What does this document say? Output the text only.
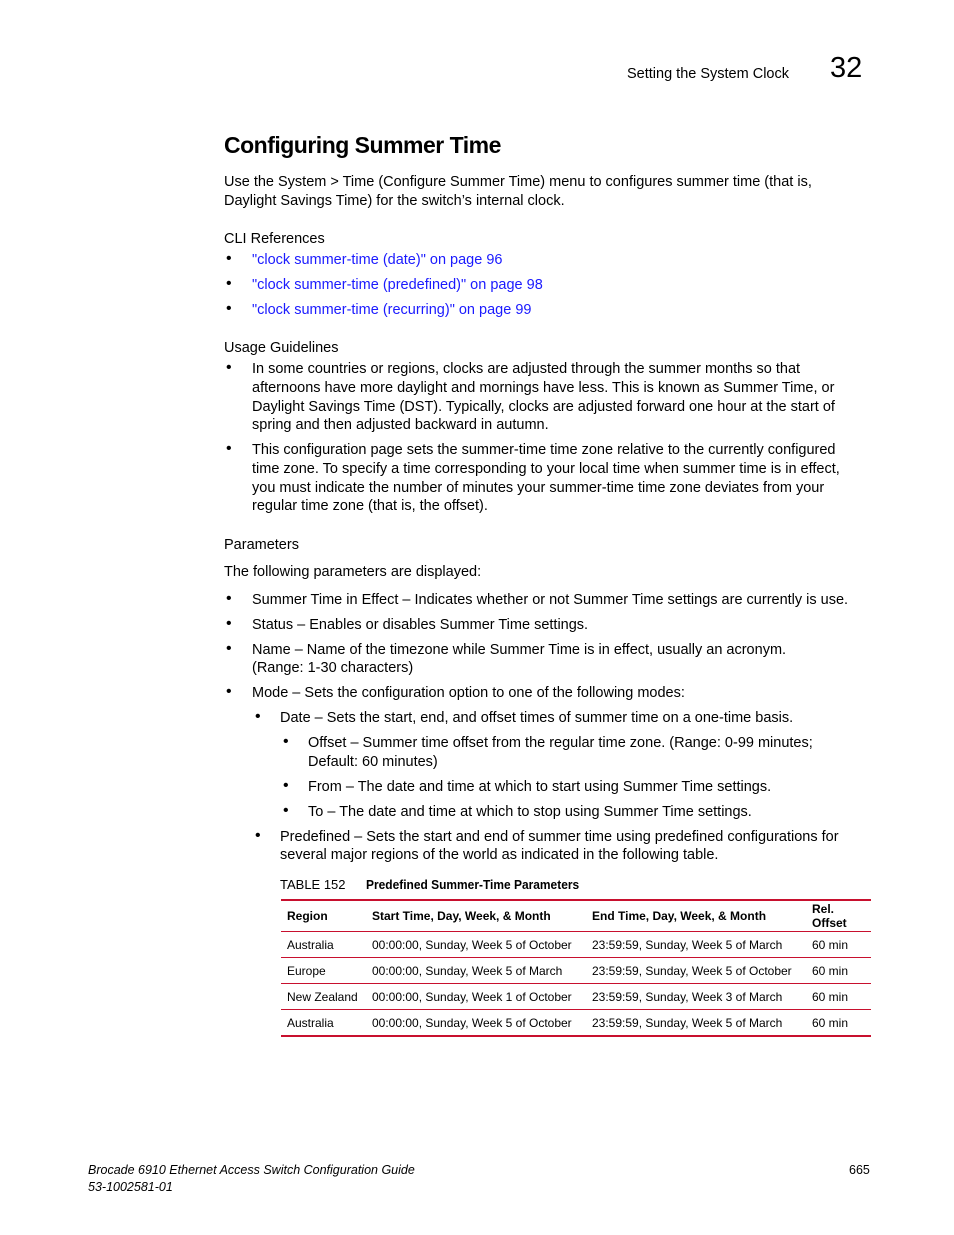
Setting the System Clock 32
Configuring Summer Time
Use the System > Time (Configure Summer Time) menu to configures summer time (that is,
Daylight Savings Time) for the switch’s internal clock.
CLI References
• "clock summer-time (date)" on page 96
• "clock summer-time (predefined)" on page 98
• "clock summer-time (recurring)" on page 99
Usage Guidelines
• In some countries or regions, clocks are adjusted through the summer months so that
afternoons have more daylight and mornings have less. This is known as Summer Time, or
Daylight Savings Time (DST). Typically, clocks are adjusted forward one hour at the start of
spring and then adjusted backward in autumn.
• This configuration page sets the summer-time time zone relative to the currently configured
time zone. To specify a time corresponding to your local time when summer time is in effect,
you must indicate the number of minutes your summer-time time zone deviates from your
regular time zone (that is, the offset).
Parameters
The following parameters are displayed:
• Summer Time in Effect – Indicates whether or not Summer Time settings are currently is use.
• Status – Enables or disables Summer Time settings.
• Name – Name of the timezone while Summer Time is in effect, usually an acronym.
(Range: 1-30 characters)
• Mode – Sets the configuration option to one of the following modes:
• Date – Sets the start, end, and offset times of summer time on a one-time basis.
• Offset – Summer time offset from the regular time zone. (Range: 0-99 minutes;
Default: 60 minutes)
• From – The date and time at which to start using Summer Time settings.
• To – The date and time at which to stop using Summer Time settings.
• Predefined – Sets the start and end of summer time using predefined configurations for
several major regions of the world as indicated in the following table.
TABLE 152 Predefined Summer-Time Parameters
Region	Start Time, Day, Week, & Month	End Time, Day, Week, & Month	Rel. Offset
Australia	00:00:00, Sunday, Week 5 of October	23:59:59, Sunday, Week 5 of March	60 min
Europe	00:00:00, Sunday, Week 5 of March	23:59:59, Sunday, Week 5 of October	60 min
New Zealand	00:00:00, Sunday, Week 1 of October	23:59:59, Sunday, Week 3 of March	60 min
Australia	00:00:00, Sunday, Week 5 of October	23:59:59, Sunday, Week 5 of March	60 min
Brocade 6910 Ethernet Access Switch Configuration Guide
53-1002581-01
665
